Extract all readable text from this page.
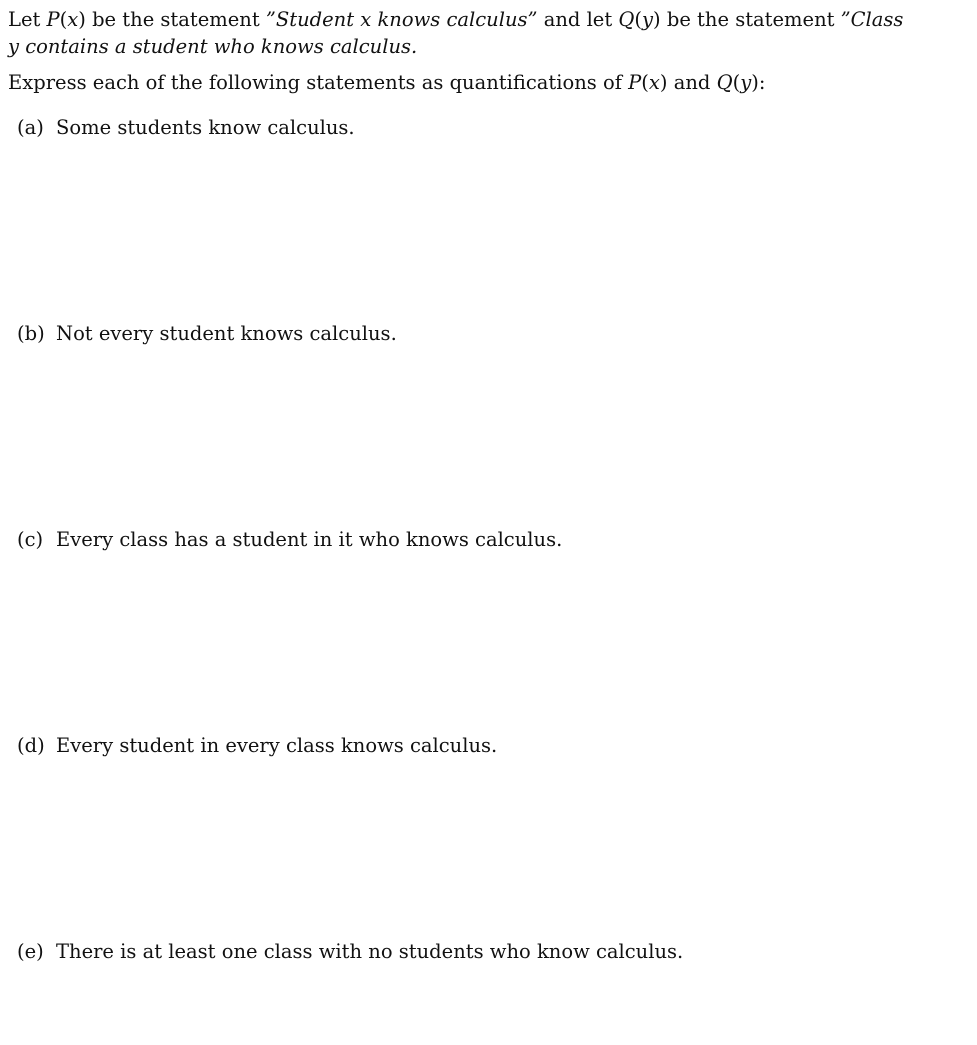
Let P(x) be the statement ”Student x knows calculus” and let Q(y) be the statement ”Class
y contains a student who knows calculus.
Express each of the following statements as quantifications of P(x) and Q(y):
(a) Some students know calculus.
(b) Not every student knows calculus.
(c) Every class has a student in it who knows calculus.
(d) Every student in every class knows calculus.
(e) There is at least one class with no students who know calculus.
